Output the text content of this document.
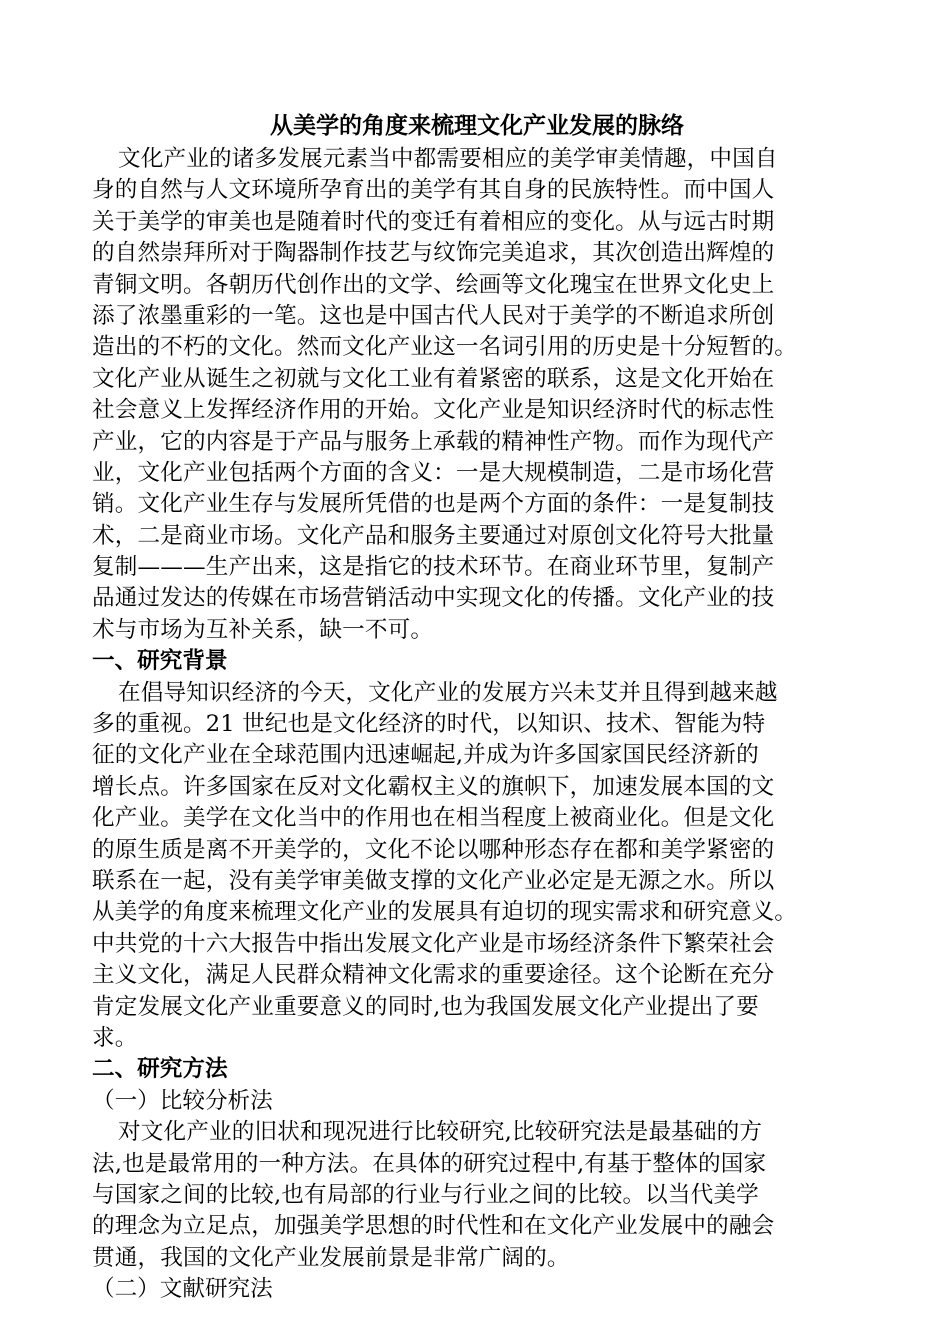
从美学的角度来梳理文化产业发展的脉络
文化产业的诸多发展元素当中都需要相应的美学审美情趣，中国自
身的自然与人文环境所孕育出的美学有其自身的民族特性。而中国人
关于美学的审美也是随着时代的变迁有着相应的变化。从与远古时期
的自然崇拜所对于陶器制作技艺与纹饰完美追求，其次创造出辉煌的
青铜文明。各朝历代创作出的文学、绘画等文化瑰宝在世界文化史上
添了浓墨重彩的一笔。这也是中国古代人民对于美学的不断追求所创
造出的不朽的文化。然而文化产业这一名词引用的历史是十分短暂的。
文化产业从诞生之初就与文化工业有着紧密的联系，这是文化开始在
社会意义上发挥经济作用的开始。文化产业是知识经济时代的标志性
产业，它的内容是于产品与服务上承载的精神性产物。而作为现代产
业，文化产业包括两个方面的含义：一是大规模制造，二是市场化营
销。文化产业生存与发展所凭借的也是两个方面的条件：一是复制技
术，二是商业市场。文化产品和服务主要通过对原创文化符号大批量
复制———生产出来，这是指它的技术环节。在商业环节里，复制产
品通过发达的传媒在市场营销活动中实现文化的传播。文化产业的技
术与市场为互补关系，缺一不可。
一、研究背景
在倡导知识经济的今天，文化产业的发展方兴未艾并且得到越来越
多的重视。21 世纪也是文化经济的时代，以知识、技术、智能为特
征的文化产业在全球范围内迅速崛起,并成为许多国家国民经济新的
增长点。许多国家在反对文化霸权主义的旗帜下，加速发展本国的文
化产业。美学在文化当中的作用也在相当程度上被商业化。但是文化
的原生质是离不开美学的，文化不论以哪种形态存在都和美学紧密的
联系在一起，没有美学审美做支撑的文化产业必定是无源之水。所以
从美学的角度来梳理文化产业的发展具有迫切的现实需求和研究意义。
中共党的十六大报告中指出发展文化产业是市场经济条件下繁荣社会
主义文化，满足人民群众精神文化需求的重要途径。这个论断在充分
肯定发展文化产业重要意义的同时,也为我国发展文化产业提出了要
求。
二、研究方法
（一）比较分析法
对文化产业的旧状和现况进行比较研究,比较研究法是最基础的方
法,也是最常用的一种方法。在具体的研究过程中,有基于整体的国家
与国家之间的比较,也有局部的行业与行业之间的比较。以当代美学
的理念为立足点，加强美学思想的时代性和在文化产业发展中的融会
贯通，我国的文化产业发展前景是非常广阔的。
（二）文献研究法
